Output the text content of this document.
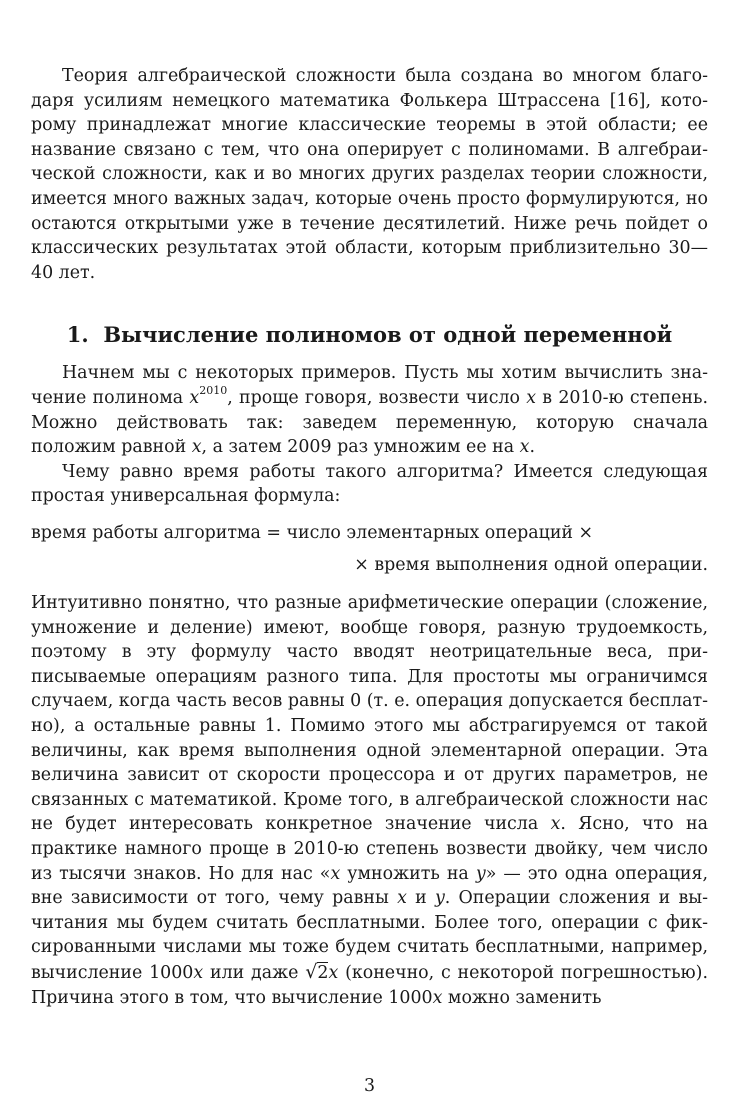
Теория алгебраической сложности была создана во многом благодаря усилиям немецкого математика Фолькера Штрассена [16], которому принадлежат многие классические теоремы в этой области; ее название связано с тем, что она оперирует с полиномами. В алгебраической сложности, как и во многих других разделах теории сложности, имеется много важных задач, которые очень просто формулируются, но остаются открытыми уже в течение десятилетий. Ниже речь пойдет о классических результатах этой области, которым приблизительно 30—40 лет.

1. Вычисление полиномов от одной переменной

Начнем мы с некоторых примеров. Пусть мы хотим вычислить значение полинома $x^{2010}$, проще говоря, возвести число x в 2010-ю степень. Можно действовать так: заведем переменную, которую сначала положим равной x, а затем 2009 раз умножим ее на x.

Чему равно время работы такого алгоритма? Имеется следующая простая универсальная формула:

время работы алгоритма = число элементарных операций ×
× время выполнения одной операции.

Интуитивно понятно, что разные арифметические операции (сложение, умножение и деление) имеют, вообще говоря, разную трудоемкость, поэтому в эту формулу часто вводят неотрицательные веса, приписываемые операциям разного типа. Для простоты мы ограничимся случаем, когда часть весов равны 0 (т. е. операция допускается бесплатно), а остальные равны 1. Помимо этого мы абстрагируемся от такой величины, как время выполнения одной элементарной операции. Эта величина зависит от скорости процессора и от других параметров, не связанных с математикой. Кроме того, в алгебраической сложности нас не будет интересовать конкретное значение числа x. Ясно, что на практике намного проще в 2010-ю степень возвести двойку, чем число из тысячи знаков. Но для нас «x умножить на y» — это одна операция, вне зависимости от того, чему равны x и y. Операции сложения и вычитания мы будем считать бесплатными. Более того, операции с фиксированными числами мы тоже будем считать бесплатными, например, вычисление 1000x или даже √2x (конечно, с некоторой погрешностью). Причина этого в том, что вычисление 1000x можно заменить

3
